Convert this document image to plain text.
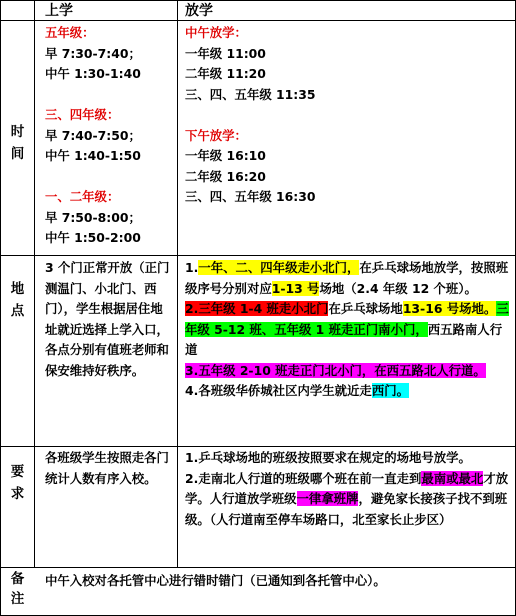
上学	放学
时
间
五年级：
早 7:30-7:40；
中午 1:30-1:40
三、四年级：
早 7:40-7:50；
中午 1:40-1:50
一、二年级：
早 7:50-8:00；
中午 1:50-2:00
中午放学：
一年级 11:00
二年级 11:20
三、四、五年级 11:35
下午放学：
一年级 16:10
二年级 16:20
三、四、五年级 16:30
地
点
3 个门正常开放（正门测温门、小北门、西门），学生根据居住地址就近选择上学入口，各点分别有值班老师和保安维持好秩序。
1.一年、二、四年级走小北门，在乒乓球场地放学，按照班级序号分别对应1-13 号场地（2.4 年级 12 个班）。
2.三年级 1-4 班走小北门在乒乓球场地13-16 号场地。三年级 5-12 班、五年级 1 班走正门南小门，西五路南人行道
3.五年级 2-10 班走正门北小门，在西五路北人行道。
4.各班级华侨城社区内学生就近走西门。
要
求
各班级学生按照走各门统计人数有序入校。
1.乒乓球场地的班级按照要求在规定的场地号放学。
2.走南北人行道的班级哪个班在前一直走到最南或最北才放学。人行道放学班级一律拿班牌，避免家长接孩子找不到班级。（人行道南至停车场路口，北至家长止步区）
备
注
中午入校对各托管中心进行错时错门（已通知到各托管中心）。
